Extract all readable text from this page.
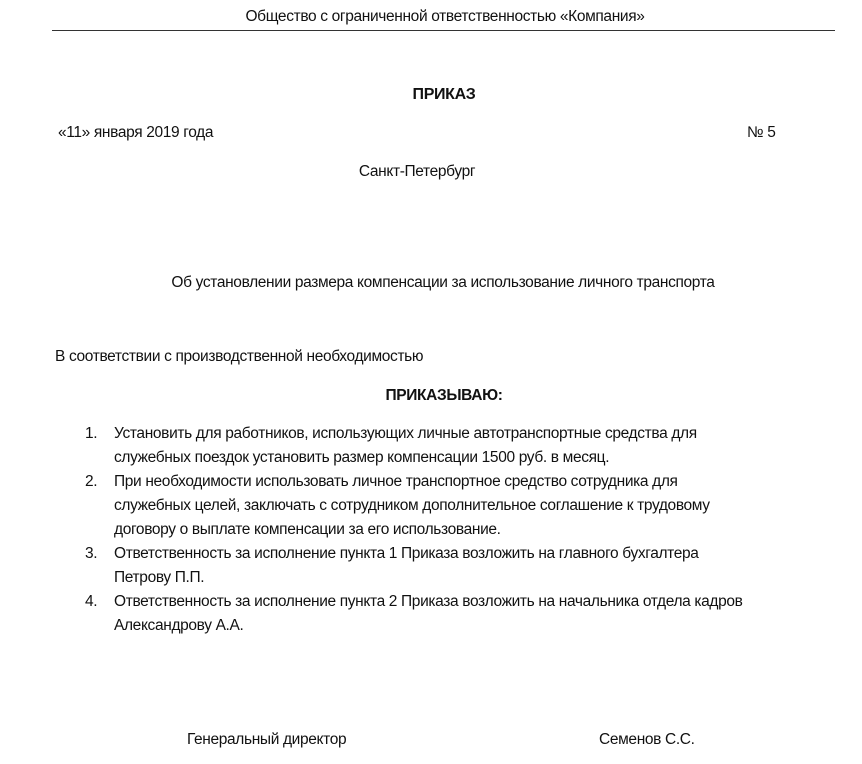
Общество с ограниченной ответственностью «Компания»
ПРИКАЗ
«11» января 2019 года	№ 5
Санкт-Петербург
Об установлении размера компенсации за использование личного транспорта
В соответствии с производственной необходимостью
ПРИКАЗЫВАЮ:
1. Установить для работников, использующих личные автотранспортные средства для
служебных поездок установить размер компенсации 1500 руб. в месяц.
2. При необходимости использовать личное транспортное средство сотрудника для
служебных целей, заключать с сотрудником дополнительное соглашение к трудовому
договору о выплате компенсации за его использование.
3. Ответственность за исполнение пункта 1 Приказа возложить на главного бухгалтера
Петрову П.П.
4. Ответственность за исполнение пункта 2 Приказа возложить на начальника отдела кадров
Александрову А.А.
Генеральный директор	Семенов С.С.
